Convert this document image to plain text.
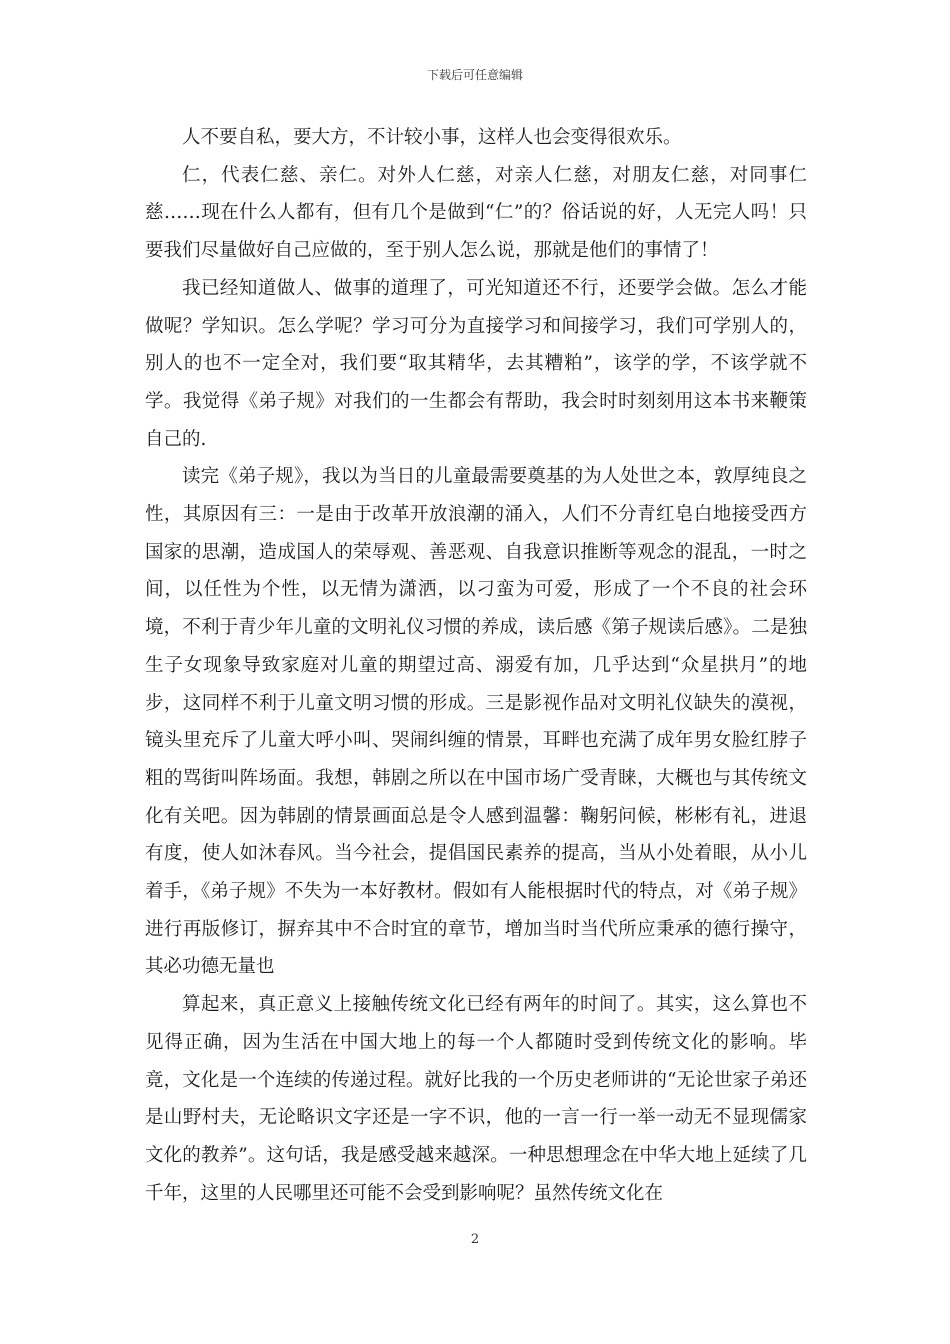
下载后可任意编辑

人不要自私，要大方，不计较小事，这样人也会变得很欢乐。

仁，代表仁慈、亲仁。对外人仁慈，对亲人仁慈，对朋友仁慈，对同事仁慈……现在什么人都有，但有几个是做到“仁”的？俗话说的好，人无完人吗！只要我们尽量做好自己应做的，至于别人怎么说，那就是他们的事情了！

我已经知道做人、做事的道理了，可光知道还不行，还要学会做。怎么才能做呢？学知识。怎么学呢？学习可分为直接学习和间接学习，我们可学别人的，别人的也不一定全对，我们要“取其精华，去其糟粕”，该学的学，不该学就不学。我觉得《弟子规》对我们的一生都会有帮助，我会时时刻刻用这本书来鞭策自己的.

读完《弟子规》，我以为当日的儿童最需要奠基的为人处世之本，敦厚纯良之性，其原因有三：一是由于改革开放浪潮的涌入，人们不分青红皂白地接受西方国家的思潮，造成国人的荣辱观、善恶观、自我意识推断等观念的混乱，一时之间，以任性为个性，以无情为潇洒，以刁蛮为可爱，形成了一个不良的社会环境，不利于青少年儿童的文明礼仪习惯的养成，读后感《第子规读后感》。二是独生子女现象导致家庭对儿童的期望过高、溺爱有加，几乎达到“众星拱月”的地步，这同样不利于儿童文明习惯的形成。三是影视作品对文明礼仪缺失的漠视，镜头里充斥了儿童大呼小叫、哭闹纠缠的情景，耳畔也充满了成年男女脸红脖子粗的骂街叫阵场面。我想，韩剧之所以在中国市场广受青睐，大概也与其传统文化有关吧。因为韩剧的情景画面总是令人感到温馨：鞠躬问候，彬彬有礼，进退有度，使人如沐春风。当今社会，提倡国民素养的提高，当从小处着眼，从小儿着手，《弟子规》不失为一本好教材。假如有人能根据时代的特点，对《弟子规》进行再版修订，摒弃其中不合时宜的章节，增加当时当代所应秉承的德行操守，其必功德无量也

算起来，真正意义上接触传统文化已经有两年的时间了。其实，这么算也不见得正确，因为生活在中国大地上的每一个人都随时受到传统文化的影响。毕竟，文化是一个连续的传递过程。就好比我的一个历史老师讲的“无论世家子弟还是山野村夫，无论略识文字还是一字不识，他的一言一行一举一动无不显现儒家文化的教养”。这句话，我是感受越来越深。一种思想理念在中华大地上延续了几千年，这里的人民哪里还可能不会受到影响呢？虽然传统文化在

2
